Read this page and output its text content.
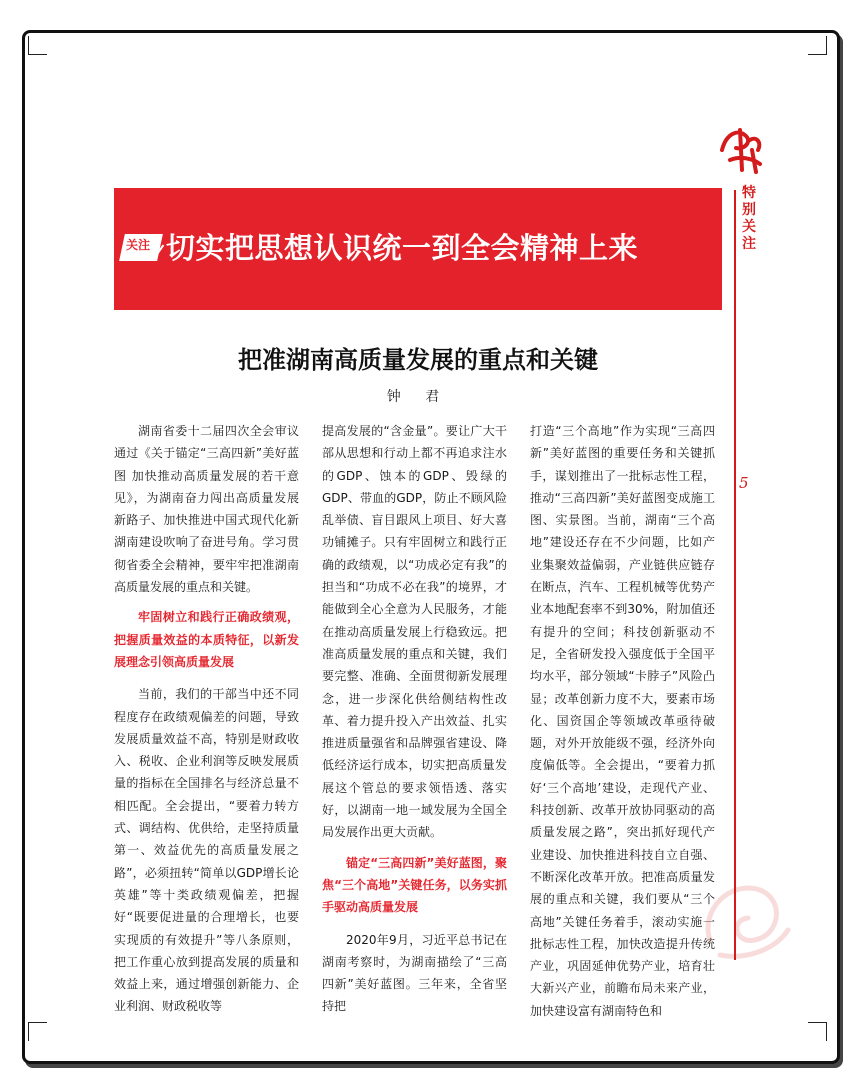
特别关注
5
关注 切实把思想认识统一到全会精神上来
把准湖南高质量发展的重点和关键
钟 君

湖南省委十二届四次全会审议通过《关于锚定“三高四新”美好蓝图 加快推动高质量发展的若干意见》，为湖南奋力闯出高质量发展新路子、加快推进中国式现代化新湖南建设吹响了奋进号角。学习贯彻省委全会精神，要牢牢把准湖南高质量发展的重点和关键。

牢固树立和践行正确政绩观，把握质量效益的本质特征，以新发展理念引领高质量发展

当前，我们的干部当中还不同程度存在政绩观偏差的问题，导致发展质量效益不高，特别是财政收入、税收、企业利润等反映发展质量的指标在全国排名与经济总量不相匹配。全会提出，“要着力转方式、调结构、优供给，走坚持质量第一、效益优先的高质量发展之路”，必须扭转“简单以GDP增长论英雄”等十类政绩观偏差，把握好“既要促进量的合理增长，也要实现质的有效提升”等八条原则，把工作重心放到提高发展的质量和效益上来，通过增强创新能力、企业利润、财政税收等

提高发展的“含金量”。要让广大干部从思想和行动上都不再追求注水的GDP、蚀本的GDP、毁绿的GDP、带血的GDP，防止不顾风险乱举债、盲目跟风上项目、好大喜功铺摊子。只有牢固树立和践行正确的政绩观，以“功成必定有我”的担当和“功成不必在我”的境界，才能做到全心全意为人民服务，才能在推动高质量发展上行稳致远。把准高质量发展的重点和关键，我们要完整、准确、全面贯彻新发展理念，进一步深化供给侧结构性改革、着力提升投入产出效益、扎实推进质量强省和品牌强省建设、降低经济运行成本，切实把高质量发展这个管总的要求领悟透、落实好，以湖南一地一域发展为全国全局发展作出更大贡献。

锚定“三高四新”美好蓝图，聚焦“三个高地”关键任务，以务实抓手驱动高质量发展

2020年9月，习近平总书记在湖南考察时，为湖南描绘了“三高四新”美好蓝图。三年来，全省坚持把

打造“三个高地”作为实现“三高四新”美好蓝图的重要任务和关键抓手，谋划推出了一批标志性工程，推动“三高四新”美好蓝图变成施工图、实景图。当前，湖南“三个高地”建设还存在不少问题，比如产业集聚效益偏弱，产业链供应链存在断点，汽车、工程机械等优势产业本地配套率不到30%，附加值还有提升的空间；科技创新驱动不足，全省研发投入强度低于全国平均水平，部分领域“卡脖子”风险凸显；改革创新力度不大，要素市场化、国资国企等领域改革亟待破题，对外开放能级不强，经济外向度偏低等。全会提出，“要着力抓好‘三个高地’建设，走现代产业、科技创新、改革开放协同驱动的高质量发展之路”，突出抓好现代产业建设、加快推进科技自立自强、不断深化改革开放。把准高质量发展的重点和关键，我们要从“三个高地”关键任务着手，滚动实施一批标志性工程，加快改造提升传统产业，巩固延伸优势产业，培育壮大新兴产业，前瞻布局未来产业，加快建设富有湖南特色和
